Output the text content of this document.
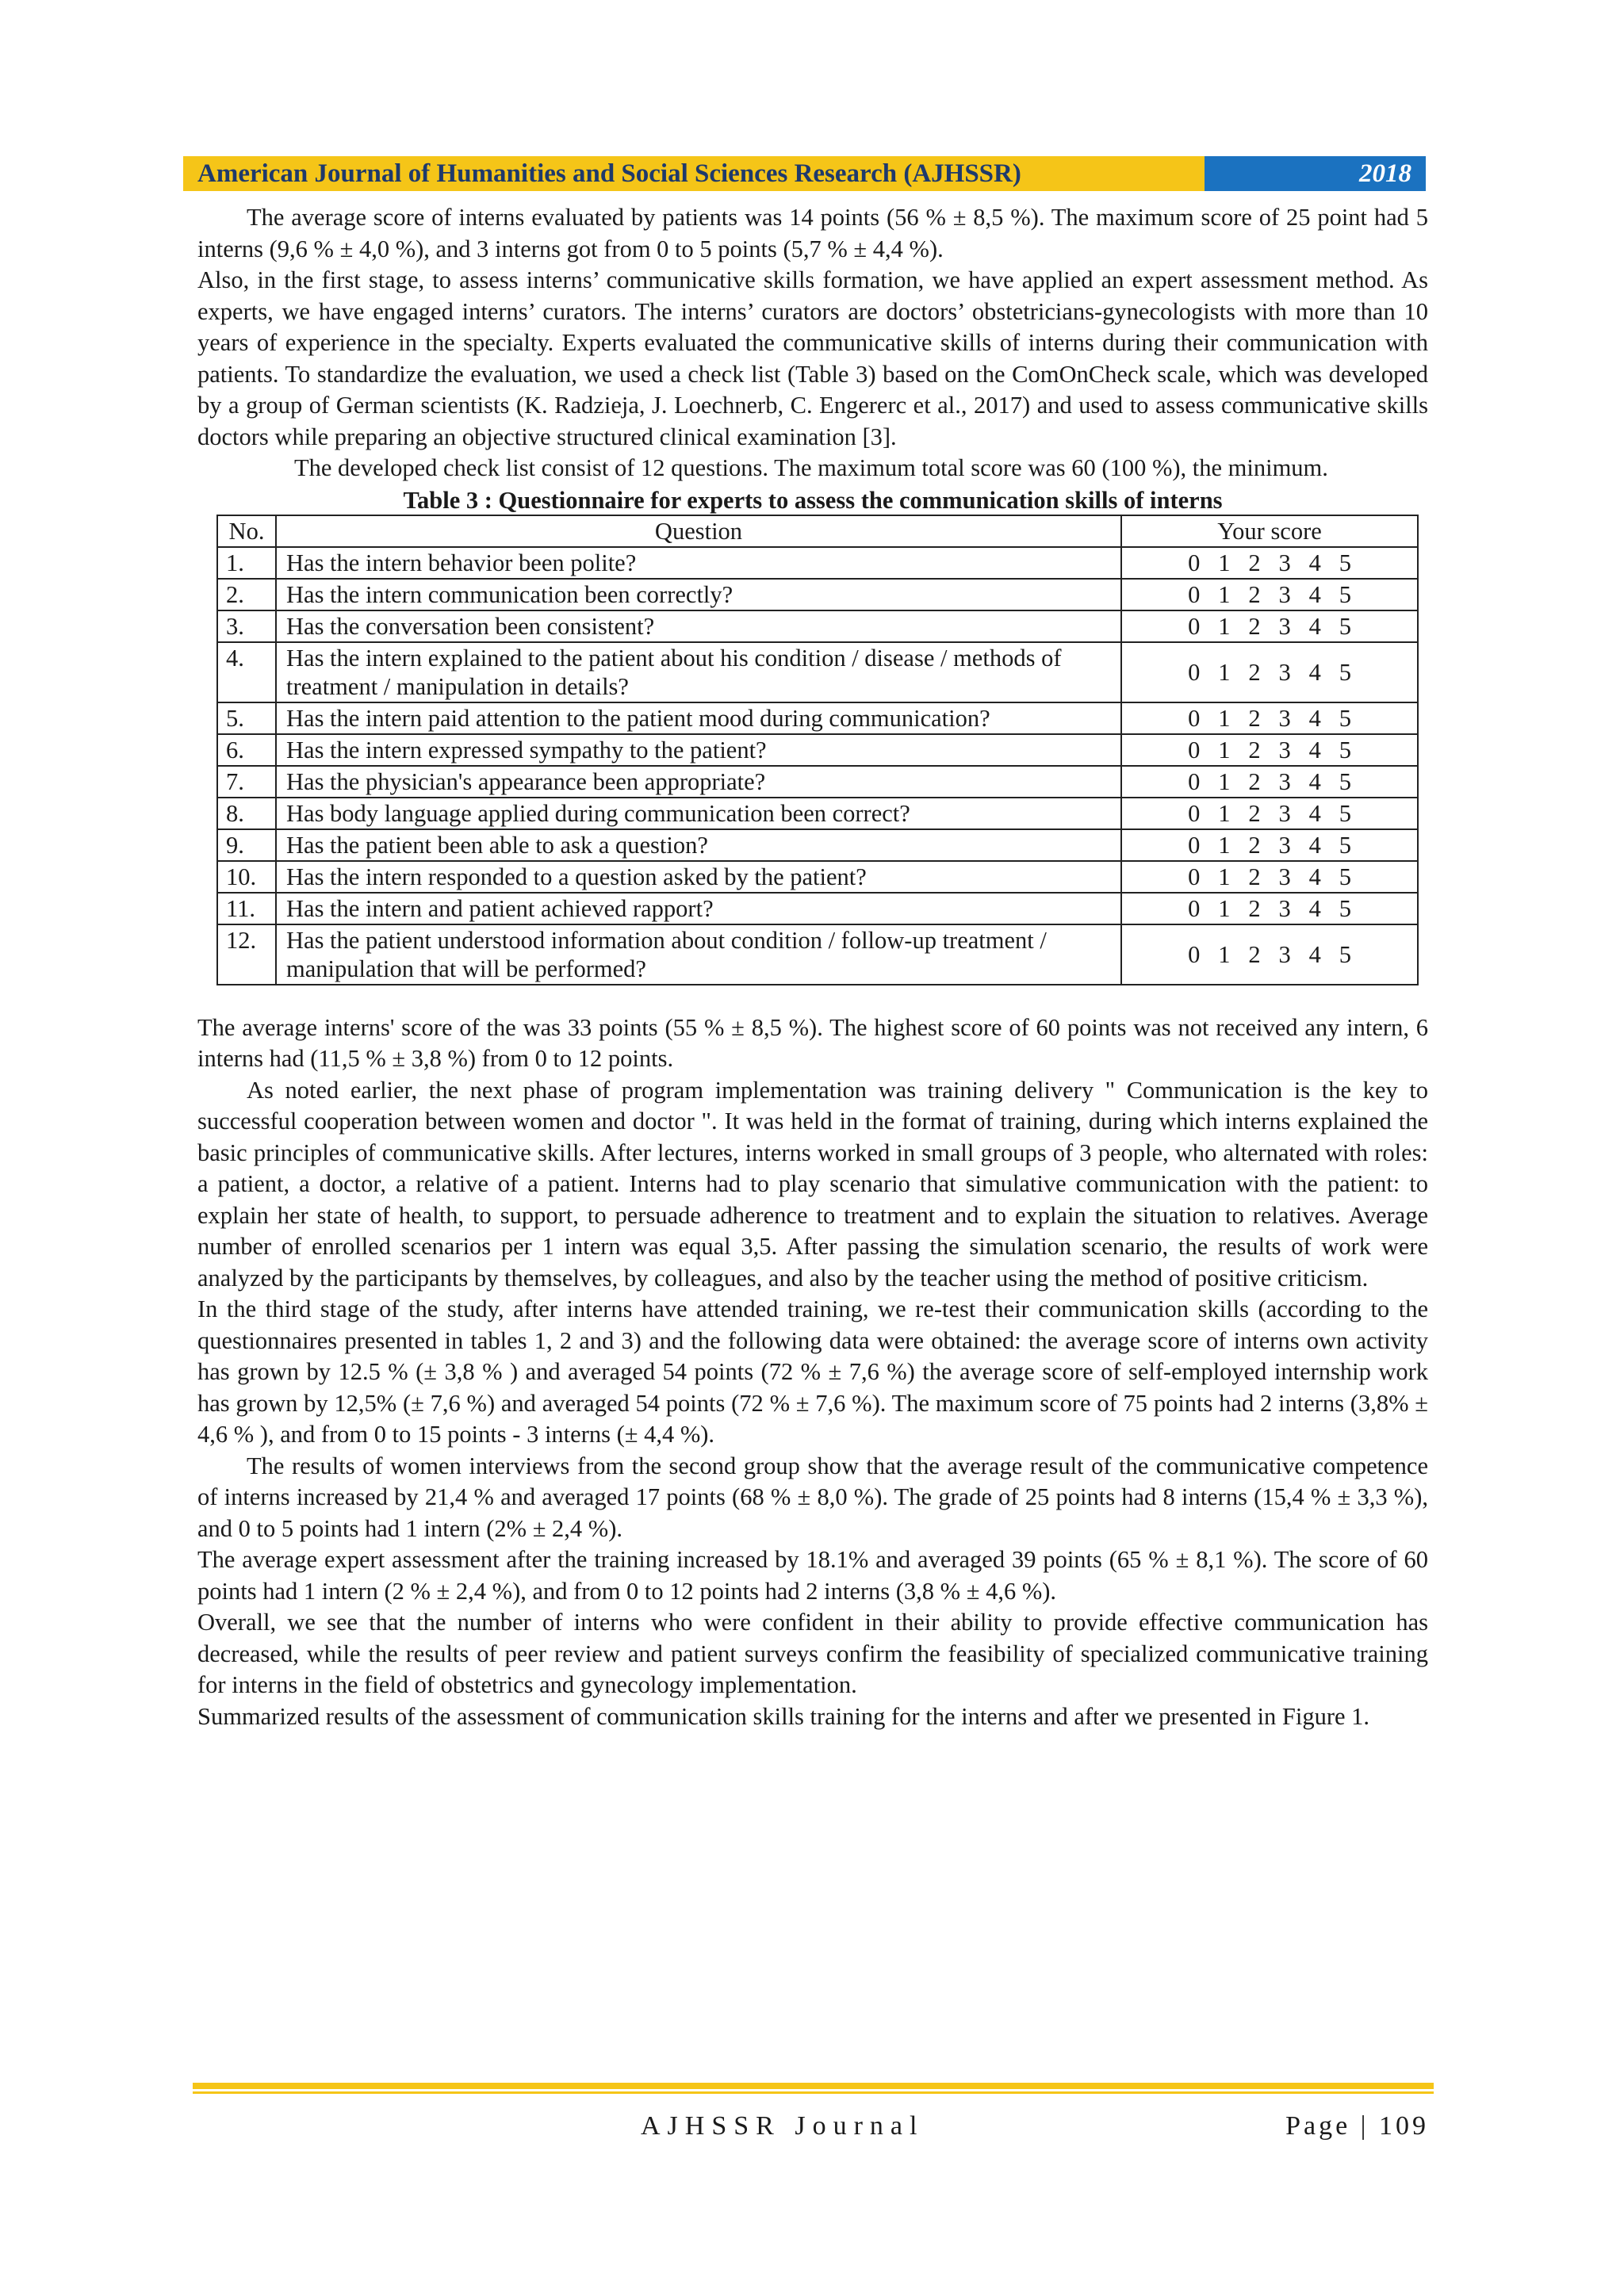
American Journal of Humanities and Social Sciences Research (AJHSSR)	2018

The average score of interns evaluated by patients was 14 points (56 % ± 8,5 %). The maximum score of 25 point had 5 interns (9,6 % ± 4,0 %), and 3 interns got from 0 to 5 points (5,7 % ± 4,4 %).

Also, in the first stage, to assess interns’ communicative skills formation, we have applied an expert assessment method. As experts, we have engaged interns’ curators. The interns’ curators are doctors’ obstetricians-gynecologists with more than 10 years of experience in the specialty. Experts evaluated the communicative skills of interns during their communication with patients. To standardize the evaluation, we used a check list (Table 3) based on the ComOnCheck scale, which was developed by a group of German scientists (K. Radzieja, J. Loechnerb, C. Engererc et al., 2017) and used to assess communicative skills doctors while preparing an objective structured clinical examination [3].

The developed check list consist of 12 questions. The maximum total score was 60 (100 %), the minimum.

Table 3 : Questionnaire for experts to assess the communication skills of interns
No.	Question	Your score
1.	Has the intern behavior been polite?	0   1   2   3   4   5
2.	Has the intern communication been correctly?	0   1   2   3   4   5
3.	Has the conversation been consistent?	0   1   2   3   4   5
4.	Has the intern explained to the patient about his condition / disease / methods of treatment / manipulation in details?	0   1   2   3   4   5
5.	Has the intern paid attention to the patient mood during communication?	0   1   2   3   4   5
6.	Has the intern expressed sympathy to the patient?	0   1   2   3   4   5
7.	Has the physician's appearance been appropriate?	0   1   2   3   4   5
8.	Has body language applied during communication been correct?	0   1   2   3   4   5
9.	Has the patient been able to ask a question?	0   1   2   3   4   5
10.	Has the intern responded to a question asked by the patient?	0   1   2   3   4   5
11.	Has the intern and patient achieved rapport?	0   1   2   3   4   5
12.	Has the patient understood information about condition / follow-up treatment / manipulation that will be performed?	0   1   2   3   4   5

The average interns' score of the was 33 points (55 % ± 8,5 %). The highest score of 60 points was not received any intern, 6 interns had (11,5 % ± 3,8 %) from 0 to 12 points.

As noted earlier, the next phase of program implementation was training delivery " Communication is the key to successful cooperation between women and doctor ". It was held in the format of training, during which interns explained the basic principles of communicative skills. After lectures, interns worked in small groups of 3 people, who alternated with roles: a patient, a doctor, a relative of a patient. Interns had to play scenario that simulative communication with the patient: to explain her state of health, to support, to persuade adherence to treatment and to explain the situation to relatives. Average number of enrolled scenarios per 1 intern was equal 3,5. After passing the simulation scenario, the results of work were analyzed by the participants by themselves, by colleagues, and also by the teacher using the method of positive criticism.

In the third stage of the study, after interns have attended training, we re-test their communication skills (according to the questionnaires presented in tables 1, 2 and 3) and the following data were obtained: the average score of interns own activity has grown by 12.5 % (± 3,8 % ) and averaged 54 points (72 % ± 7,6 %) the average score of self-employed internship work has grown by 12,5% (± 7,6 %) and averaged 54 points (72 % ± 7,6 %). The maximum score of 75 points had 2 interns (3,8% ± 4,6 % ), and from 0 to 15 points - 3 interns (± 4,4 %).

The results of women interviews from the second group show that the average result of the communicative competence of interns increased by 21,4 % and averaged 17 points (68 % ± 8,0 %). The grade of 25 points had 8 interns (15,4 % ± 3,3 %), and 0 to 5 points had 1 intern (2% ± 2,4 %).

The average expert assessment after the training increased by 18.1% and averaged 39 points (65 % ± 8,1 %). The score of 60 points had 1 intern (2 % ± 2,4 %), and from 0 to 12 points had 2 interns (3,8 % ± 4,6 %).

Overall, we see that the number of interns who were confident in their ability to provide effective communication has decreased, while the results of peer review and patient surveys confirm the feasibility of specialized communicative training for interns in the field of obstetrics and gynecology implementation.

Summarized results of the assessment of communication skills training for the interns and after we presented in Figure 1.

AJHSSR Journal	Page | 109
